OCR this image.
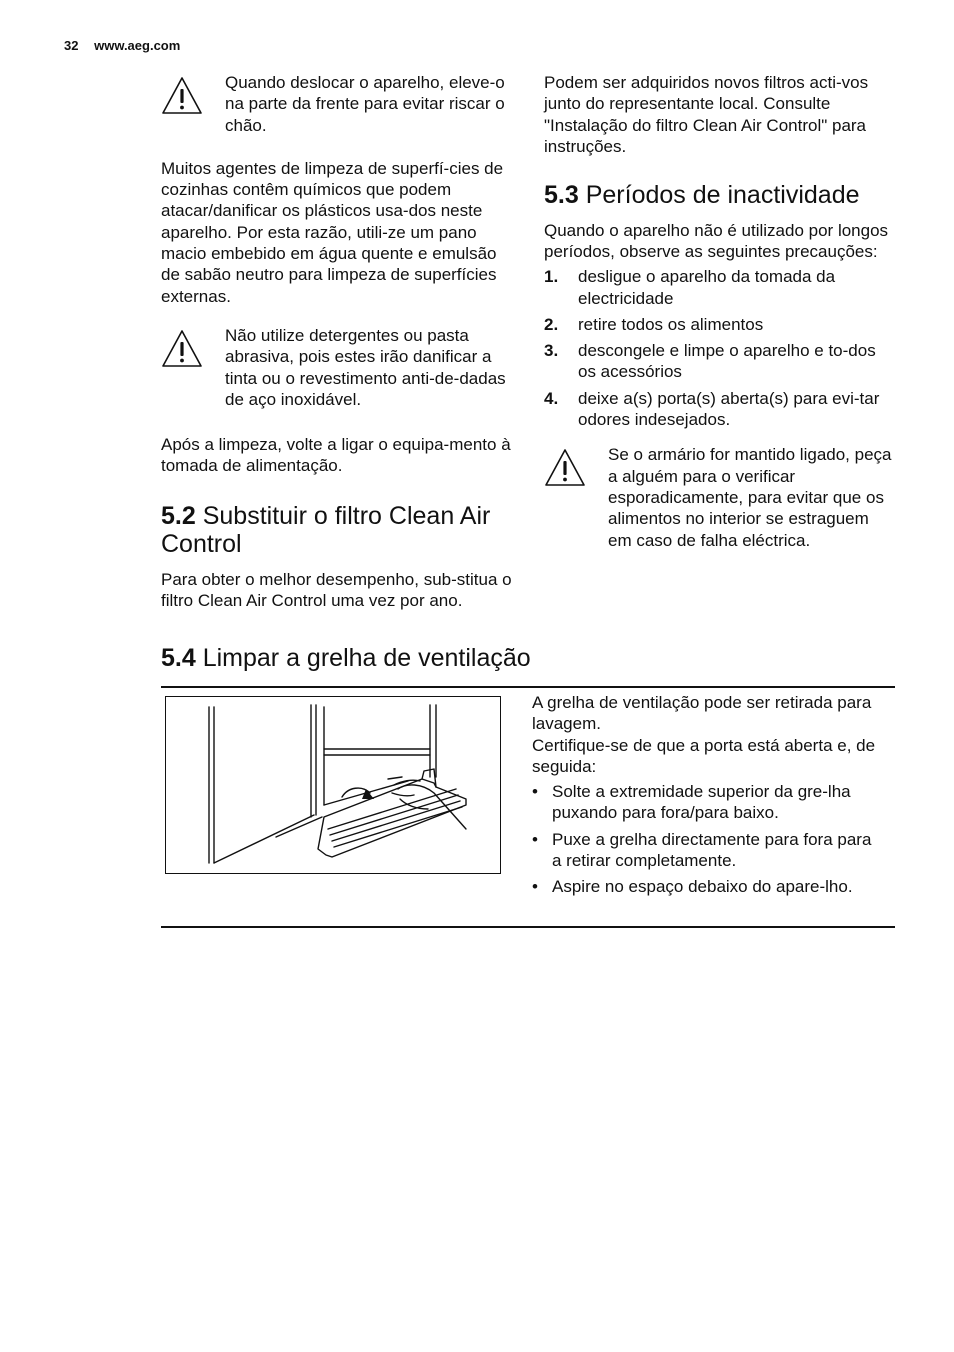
32 www.aeg.com

Quando deslocar o aparelho, eleve-o na parte da frente para evitar riscar o chão.

Muitos agentes de limpeza de superfí-cies de cozinhas contêm químicos que podem atacar/danificar os plásticos usa-dos neste aparelho. Por esta razão, utili-ze um pano macio embebido em água quente e emulsão de sabão neutro para limpeza de superfícies externas.

Não utilize detergentes ou pasta abrasiva, pois estes irão danificar a tinta ou o revestimento anti-de-dadas de aço inoxidável.

Após a limpeza, volte a ligar o equipa-mento à tomada de alimentação.

5.2 Substituir o filtro Clean Air Control

Para obter o melhor desempenho, sub-stitua o filtro Clean Air Control uma vez por ano.

Podem ser adquiridos novos filtros acti-vos junto do representante local. Consulte "Instalação do filtro Clean Air Control" para instruções.

5.3 Períodos de inactividade

Quando o aparelho não é utilizado por longos períodos, observe as seguintes precauções:

1.	desligue o aparelho da tomada da electricidade
2.	retire todos os alimentos
3.	descongele e limpe o aparelho e to-dos os acessórios
4.	deixe a(s) porta(s) aberta(s) para evi-tar odores indesejados.

Se o armário for mantido ligado, peça a alguém para o verificar esporadicamente, para evitar que os alimentos no interior se estraguem em caso de falha eléctrica.

5.4 Limpar a grelha de ventilação

A grelha de ventilação pode ser retirada para lavagem.

Certifique-se de que a porta está aberta e, de seguida:

• Solte a extremidade superior da gre-lha puxando para fora/para baixo.
• Puxe a grelha directamente para fora para a retirar completamente.
• Aspire no espaço debaixo do apare-lho.
